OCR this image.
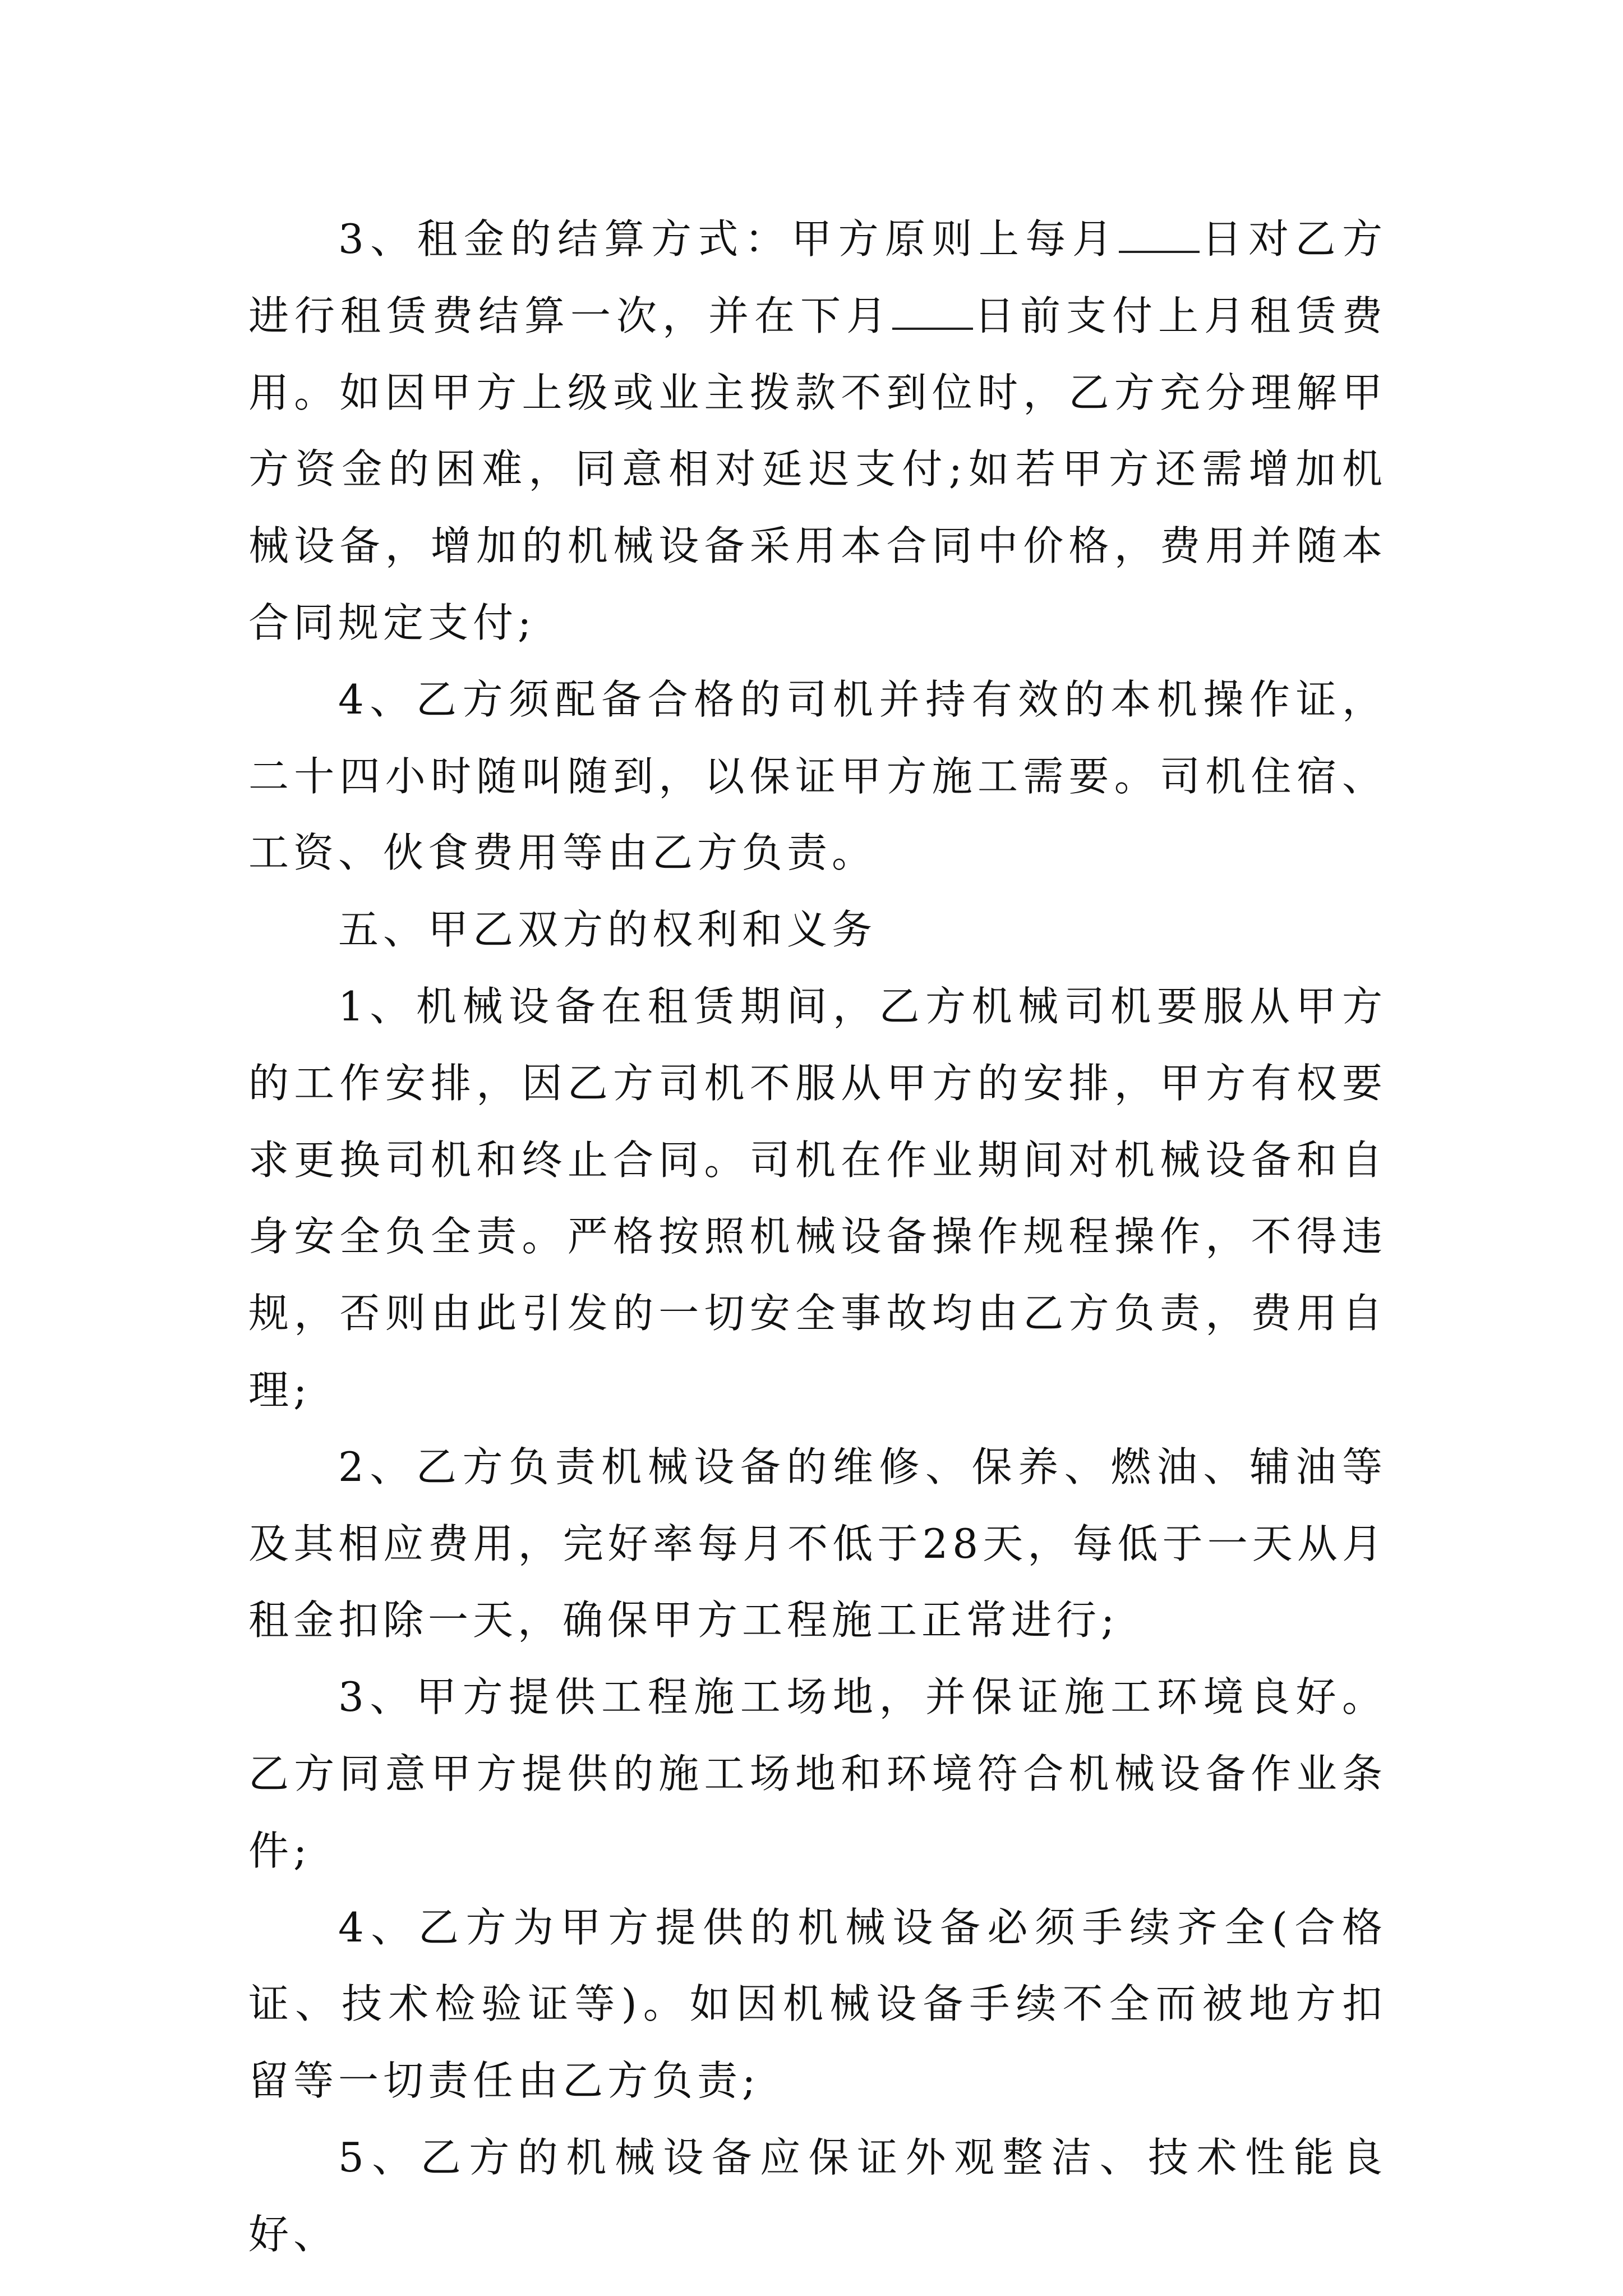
3、租金的结算方式：甲方原则上每月 日对乙方进行租赁费结算一次，并在下月 日前支付上月租赁费用。如因甲方上级或业主拨款不到位时，乙方充分理解甲方资金的困难，同意相对延迟支付;如若甲方还需增加机械设备，增加的机械设备采用本合同中价格，费用并随本合同规定支付;

4、乙方须配备合格的司机并持有效的本机操作证，二十四小时随叫随到，以保证甲方施工需要。司机住宿、工资、伙食费用等由乙方负责。

五、甲乙双方的权利和义务

1、机械设备在租赁期间，乙方机械司机要服从甲方的工作安排，因乙方司机不服从甲方的安排，甲方有权要求更换司机和终止合同。司机在作业期间对机械设备和自身安全负全责。严格按照机械设备操作规程操作，不得违规，否则由此引发的一切安全事故均由乙方负责，费用自理;

2、乙方负责机械设备的维修、保养、燃油、辅油等及其相应费用，完好率每月不低于28天，每低于一天从月租金扣除一天，确保甲方工程施工正常进行;

3、甲方提供工程施工场地，并保证施工环境良好。乙方同意甲方提供的施工场地和环境符合机械设备作业条件;

4、乙方为甲方提供的机械设备必须手续齐全(合格证、技术检验证等)。如因机械设备手续不全而被地方扣留等一切责任由乙方负责;

5、乙方的机械设备应保证外观整洁、技术性能良好、
